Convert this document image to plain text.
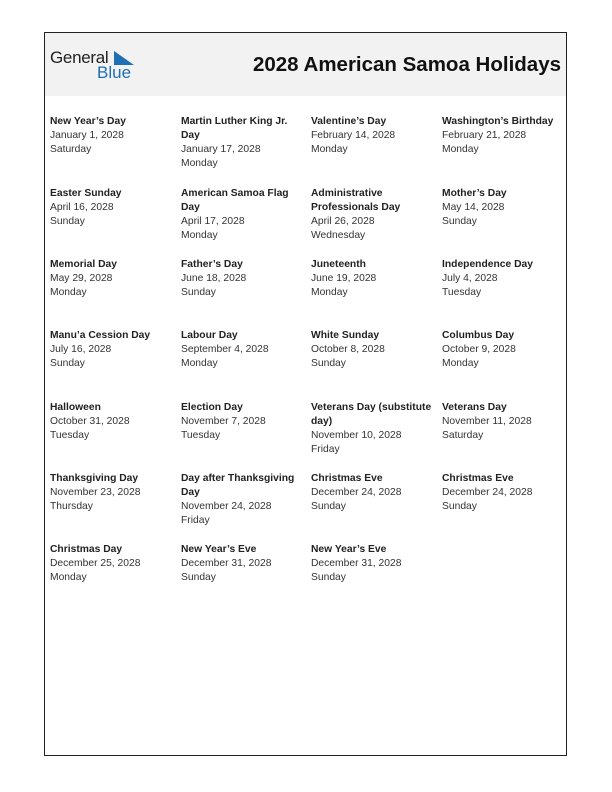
General
Blue	2028 American Samoa Holidays
New Year’s Day
January 1, 2028
Saturday
Martin Luther King Jr. Day
January 17, 2028
Monday
Valentine’s Day
February 14, 2028
Monday
Washington’s Birthday
February 21, 2028
Monday
Easter Sunday
April 16, 2028
Sunday
American Samoa Flag Day
April 17, 2028
Monday
Administrative Professionals Day
April 26, 2028
Wednesday
Mother’s Day
May 14, 2028
Sunday
Memorial Day
May 29, 2028
Monday
Father’s Day
June 18, 2028
Sunday
Juneteenth
June 19, 2028
Monday
Independence Day
July 4, 2028
Tuesday
Manu’a Cession Day
July 16, 2028
Sunday
Labour Day
September 4, 2028
Monday
White Sunday
October 8, 2028
Sunday
Columbus Day
October 9, 2028
Monday
Halloween
October 31, 2028
Tuesday
Election Day
November 7, 2028
Tuesday
Veterans Day (substitute day)
November 10, 2028
Friday
Veterans Day
November 11, 2028
Saturday
Thanksgiving Day
November 23, 2028
Thursday
Day after Thanksgiving Day
November 24, 2028
Friday
Christmas Eve
December 24, 2028
Sunday
Christmas Eve
December 24, 2028
Sunday
Christmas Day
December 25, 2028
Monday
New Year’s Eve
December 31, 2028
Sunday
New Year’s Eve
December 31, 2028
Sunday
